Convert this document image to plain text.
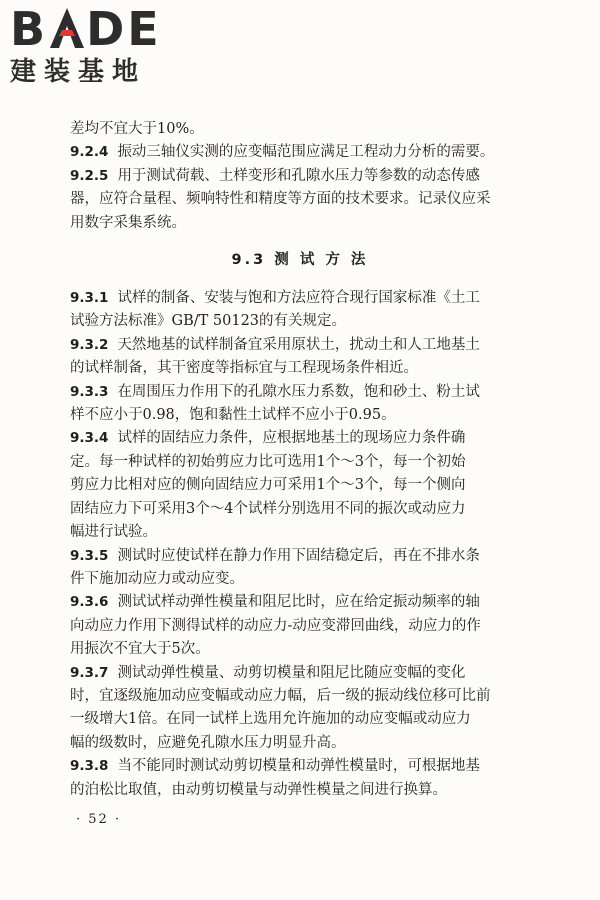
B DE
建装基地
差均不宜大于10%。
9.2.4 振动三轴仪实测的应变幅范围应满足工程动力分析的需要。
9.2.5 用于测试荷载、土样变形和孔隙水压力等参数的动态传感
器，应符合量程、频响特性和精度等方面的技术要求。记录仪应采
用数字采集系统。
9.3 测 试 方 法
9.3.1 试样的制备、安装与饱和方法应符合现行国家标准《土工
试验方法标准》GB/T 50123的有关规定。
9.3.2 天然地基的试样制备宜采用原状土，扰动土和人工地基土
的试样制备，其干密度等指标宜与工程现场条件相近。
9.3.3 在周围压力作用下的孔隙水压力系数，饱和砂土、粉土试
样不应小于0.98，饱和黏性土试样不应小于0.95。
9.3.4 试样的固结应力条件，应根据地基土的现场应力条件确
定。每一种试样的初始剪应力比可选用1个～3个，每一个初始
剪应力比相对应的侧向固结应力可采用1个～3个，每一个侧向
固结应力下可采用3个～4个试样分别选用不同的振次或动应力
幅进行试验。
9.3.5 测试时应使试样在静力作用下固结稳定后，再在不排水条
件下施加动应力或动应变。
9.3.6 测试试样动弹性模量和阻尼比时，应在给定振动频率的轴
向动应力作用下测得试样的动应力-动应变滞回曲线，动应力的作
用振次不宜大于5次。
9.3.7 测试动弹性模量、动剪切模量和阻尼比随应变幅的变化
时，宜逐级施加动应变幅或动应力幅，后一级的振动线位移可比前
一级增大1倍。在同一试样上选用允许施加的动应变幅或动应力
幅的级数时，应避免孔隙水压力明显升高。
9.3.8 当不能同时测试动剪切模量和动弹性模量时，可根据地基
的泊松比取值，由动剪切模量与动弹性模量之间进行换算。
· 52 ·
